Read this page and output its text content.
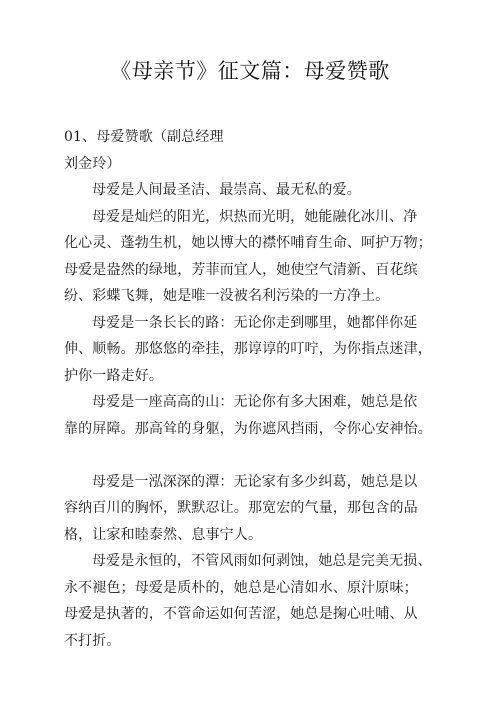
《母亲节》征文篇：母爱赞歌
01、母爱赞歌（副总经理
刘金玲）
母爱是人间最圣洁、最崇高、最无私的爱。
母爱是灿烂的阳光，炽热而光明，她能融化冰川、净
化心灵、蓬勃生机，她以博大的襟怀哺育生命、呵护万物；
母爱是盎然的绿地，芳菲而宜人，她使空气清新、百花缤
纷、彩蝶飞舞，她是唯一没被名利污染的一方净土。
母爱是一条长长的路：无论你走到哪里，她都伴你延
伸、顺畅。那悠悠的牵挂，那谆谆的叮咛，为你指点迷津，
护你一路走好。
母爱是一座高高的山：无论你有多大困难，她总是依
靠的屏障。那高耸的身躯，为你遮风挡雨，令你心安神怡。
母爱是一泓深深的潭：无论家有多少纠葛，她总是以
容纳百川的胸怀，默默忍让。那宽宏的气量，那包含的品
格，让家和睦泰然、息事宁人。
母爱是永恒的，不管风雨如何剥蚀，她总是完美无损、
永不褪色；母爱是质朴的，她总是心清如水、原汁原味；
母爱是执著的，不管命运如何苦涩，她总是掬心吐哺、从
不打折。
